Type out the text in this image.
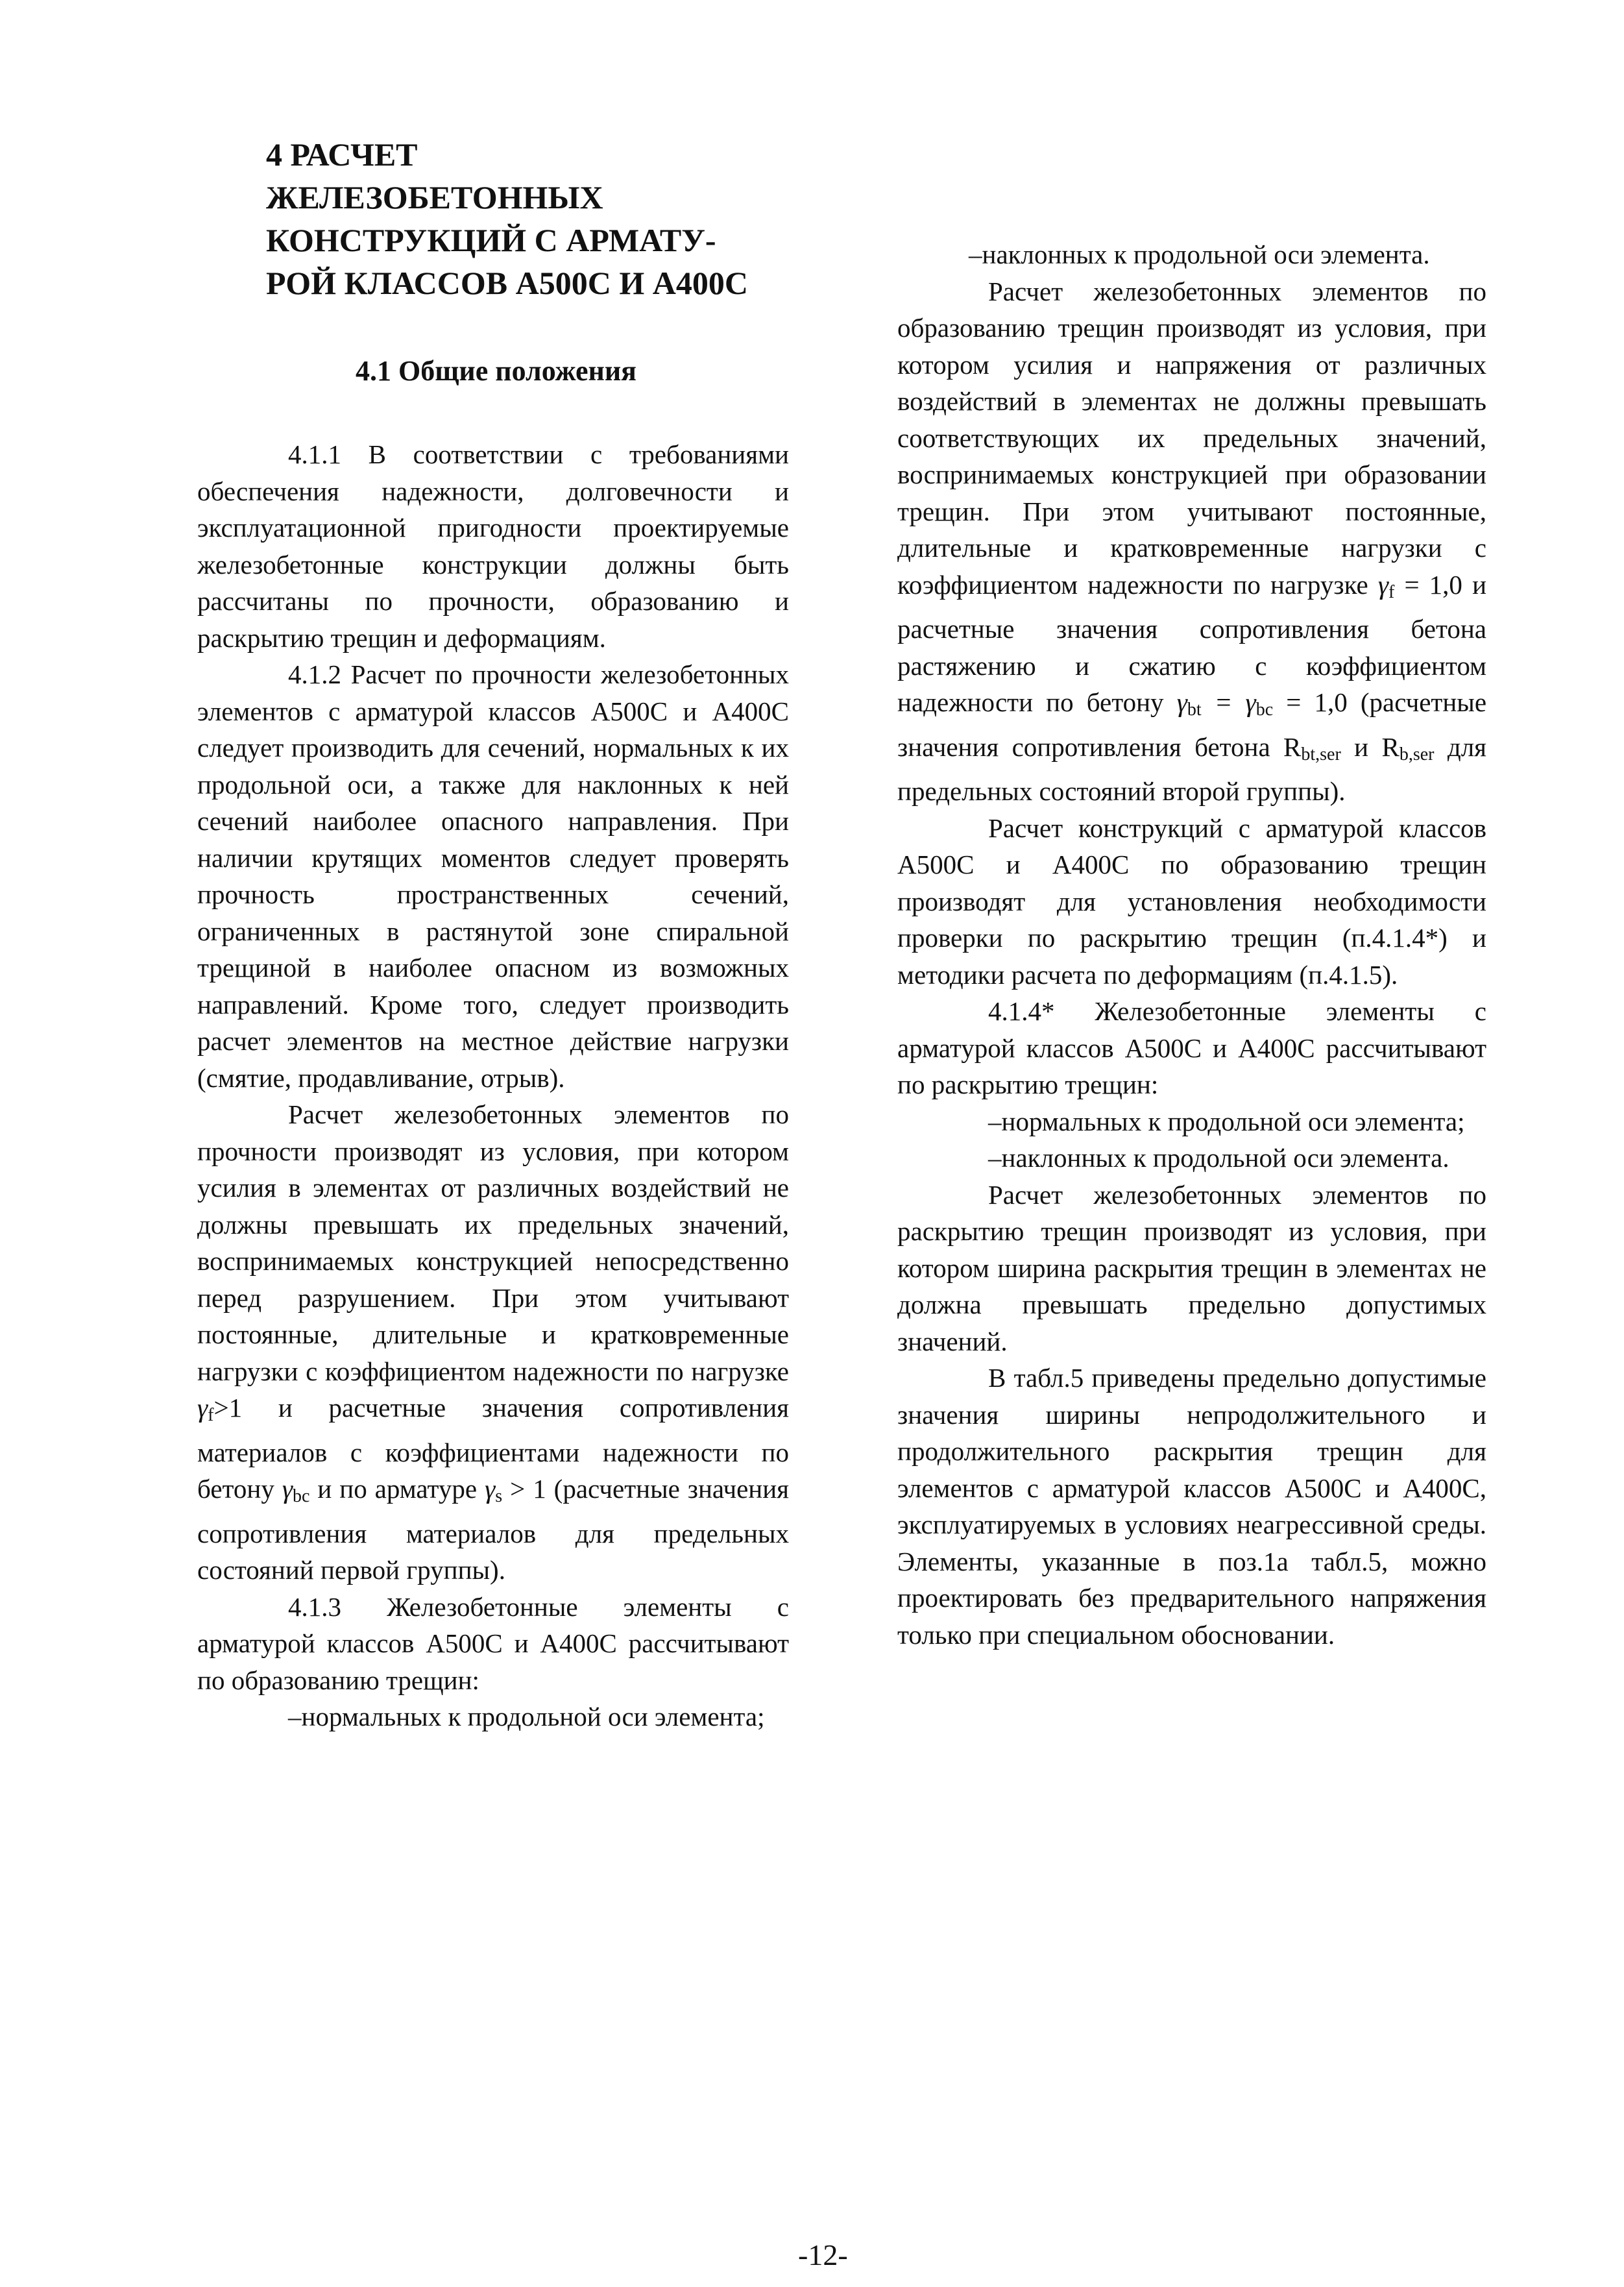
4 РАСЧЕТ
ЖЕЛЕЗОБЕТОННЫХ
КОНСТРУКЦИЙ С АРМАТУ-
РОЙ КЛАССОВ А500С И А400С
4.1 Общие положения

4.1.1 В соответствии с требованиями обеспечения надежности, долговечности и эксплуатационной пригодности проектируемые железобетонные конструкции должны быть рассчитаны по прочности, образованию и раскрытию трещин и деформациям.

4.1.2 Расчет по прочности железобетонных элементов с арматурой классов А500С и А400С следует производить для сечений, нормальных к их продольной оси, а также для наклонных к ней сечений наиболее опасного направления. При наличии крутящих моментов следует проверять прочность пространственных сечений, ограниченных в растянутой зоне спиральной трещиной в наиболее опасном из возможных направлений. Кроме того, следует производить расчет элементов на местное действие нагрузки (смятие, продавливание, отрыв).

Расчет железобетонных элементов по прочности производят из условия, при котором усилия в элементах от различных воздействий не должны превышать их предельных значений, воспринимаемых конструкцией непосредственно перед разрушением. При этом учитывают постоянные, длительные и кратковременные нагрузки с коэффициентом надежности по нагрузке $\gamma_f>1$ и расчетные значения сопротивления материалов с коэффициентами надежности по бетону $\gamma_{bc}$ и по арматуре $\gamma_s > 1$ (расчетные значения сопротивления материалов для предельных состояний первой группы).

4.1.3 Железобетонные элементы с арматурой классов А500С и А400С рассчитывают по образованию трещин:

–нормальных к продольной оси элемента;

–наклонных к продольной оси элемента.

Расчет железобетонных элементов по образованию трещин производят из условия, при котором усилия и напряжения от различных воздействий в элементах не должны превышать соответствующих их предельных значений, воспринимаемых конструкцией при образовании трещин. При этом учитывают постоянные, длительные и кратковременные нагрузки с коэффициентом надежности по нагрузке $\gamma_f = 1,0$ и расчетные значения сопротивления бетона растяжению и сжатию с коэффициентом надежности по бетону $\gamma_{bt} = \gamma_{bc} = 1,0$ (расчетные значения сопротивления бетона $R_{bt,ser}$ и $R_{b,ser}$ для предельных состояний второй группы).

Расчет конструкций с арматурой классов А500С и А400С по образованию трещин производят для установления необходимости проверки по раскрытию трещин (п.4.1.4*) и методики расчета по деформациям (п.4.1.5).

4.1.4* Железобетонные элементы с арматурой классов А500С и А400С рассчитывают по раскрытию трещин:

–нормальных к продольной оси элемента;

–наклонных к продольной оси элемента.

Расчет железобетонных элементов по раскрытию трещин производят из условия, при котором ширина раскрытия трещин в элементах не должна превышать предельно допустимых значений.

В табл.5 приведены предельно допустимые значения ширины непродолжительного и продолжительного раскрытия трещин для элементов с арматурой классов А500С и А400С, эксплуатируемых в условиях неагрессивной среды. Элементы, указанные в поз.1а табл.5, можно проектировать без предварительного напряжения только при специальном обосновании.

-12-
